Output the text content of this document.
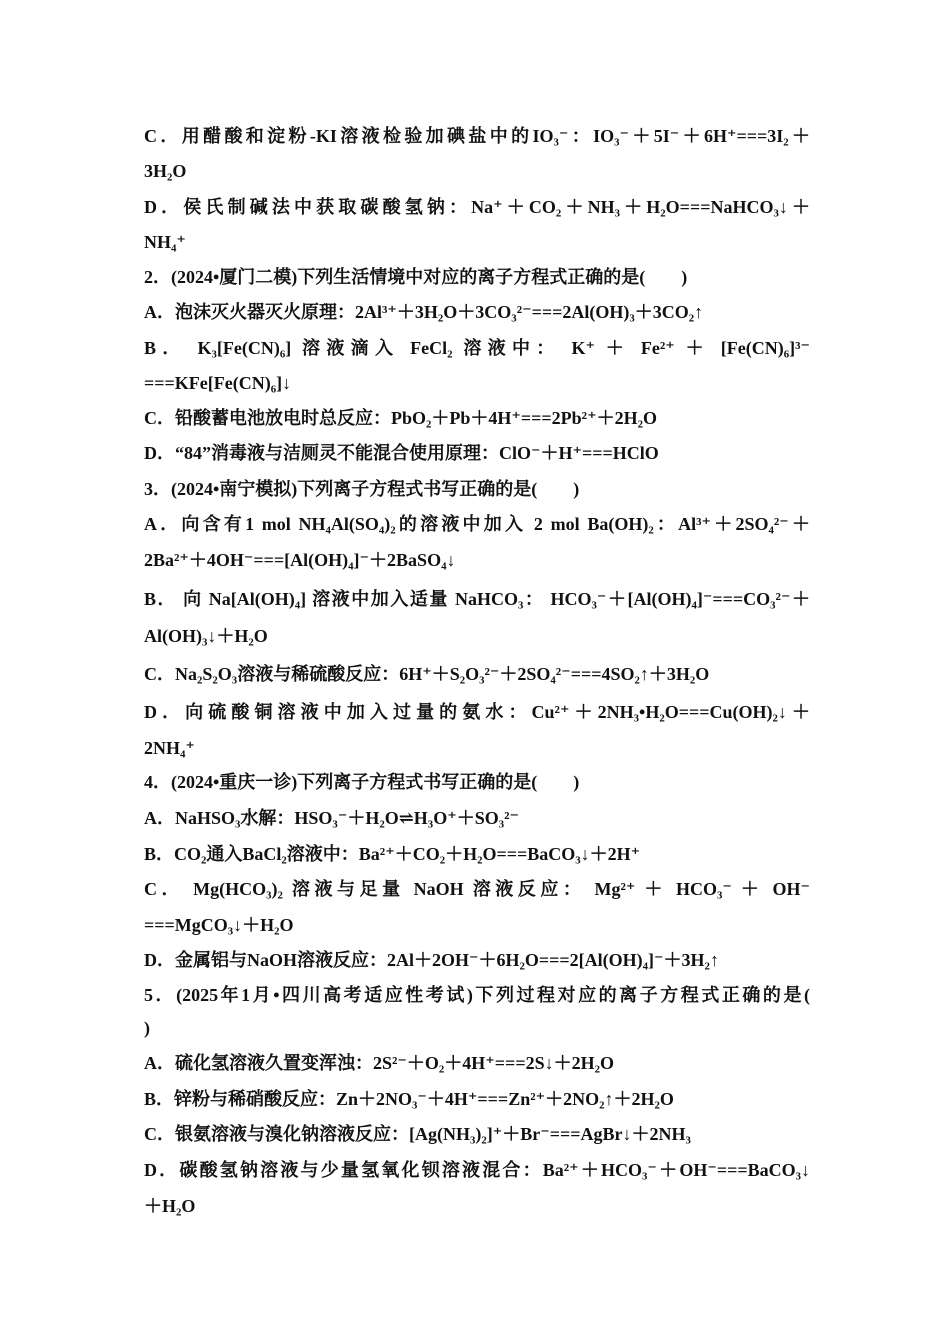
C．用醋酸和淀粉-KI溶液检验加碘盐中的IO₃⁻：IO₃⁻＋5I⁻＋6H⁺===3I₂＋
3H₂O
D．侯氏制碱法中获取碳酸氢钠：Na⁺＋CO₂＋NH₃＋H₂O===NaHCO₃↓＋
NH₄⁺
2．(2024•厦门二模)下列生活情境中对应的离子方程式正确的是(　　)
A．泡沫灭火器灭火原理：2Al³⁺＋3H₂O＋3CO₃²⁻===2Al(OH)₃＋3CO₂↑
B． K₃[Fe(CN)₆] 溶液滴入 FeCl₂ 溶液中： K⁺ ＋ Fe²⁺ ＋ [Fe(CN)₆]³⁻
===KFe[Fe(CN)₆]↓
C．铅酸蓄电池放电时总反应：PbO₂＋Pb＋4H⁺===2Pb²⁺＋2H₂O
D．“84”消毒液与洁厕灵不能混合使用原理：ClO⁻＋H⁺===HClO
3．(2024•南宁模拟)下列离子方程式书写正确的是(　　)
A．向含有1 mol NH₄Al(SO₄)₂的溶液中加入 2 mol Ba(OH)₂：Al³⁺＋2SO₄²⁻＋
2Ba²⁺＋4OH⁻===[Al(OH)₄]⁻＋2BaSO₄↓
B． 向 Na[Al(OH)₄] 溶液中加入适量 NaHCO₃： HCO₃⁻＋[Al(OH)₄]⁻===CO₃²⁻＋
Al(OH)₃↓＋H₂O
C．Na₂S₂O₃溶液与稀硫酸反应：6H⁺＋S₂O₃²⁻＋2SO₄²⁻===4SO₂↑＋3H₂O
D．向硫酸铜溶液中加入过量的氨水：Cu²⁺＋2NH₃•H₂O===Cu(OH)₂↓＋
2NH₄⁺
4．(2024•重庆一诊)下列离子方程式书写正确的是(　　)
A．NaHSO₃水解：HSO₃⁻＋H₂O⇌H₃O⁺＋SO₃²⁻
B．CO₂通入BaCl₂溶液中：Ba²⁺＋CO₂＋H₂O===BaCO₃↓＋2H⁺
C． Mg(HCO₃)₂ 溶液与足量 NaOH 溶液反应： Mg²⁺ ＋ HCO₃⁻ ＋ OH⁻
===MgCO₃↓＋H₂O
D．金属铝与NaOH溶液反应：2Al＋2OH⁻＋6H₂O===2[Al(OH)₄]⁻＋3H₂↑
5．(2025年1月•四川高考适应性考试)下列过程对应的离子方程式正确的是(
)
A．硫化氢溶液久置变浑浊：2S²⁻＋O₂＋4H⁺===2S↓＋2H₂O
B．锌粉与稀硝酸反应：Zn＋2NO₃⁻＋4H⁺===Zn²⁺＋2NO₂↑＋2H₂O
C．银氨溶液与溴化钠溶液反应：[Ag(NH₃)₂]⁺＋Br⁻===AgBr↓＋2NH₃
D．碳酸氢钠溶液与少量氢氧化钡溶液混合：Ba²⁺＋HCO₃⁻＋OH⁻===BaCO₃↓
＋H₂O
